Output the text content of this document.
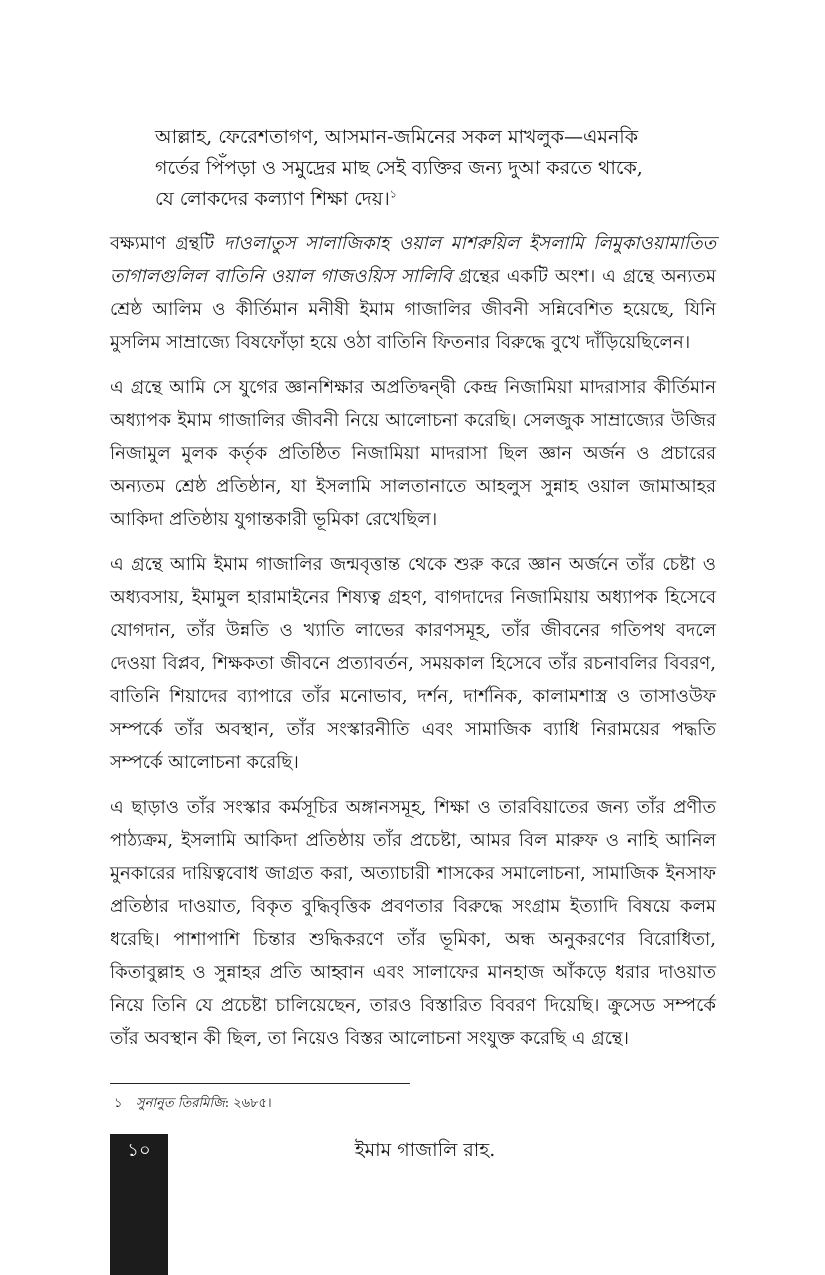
আল্লাহ, ফেরেশতাগণ, আসমান-জমিনের সকল মাখলুক—এমনকি
গর্তের পিঁপড়া ও সমুদ্রের মাছ সেই ব্যক্তির জন্য দুআ করতে থাকে,
যে লোকদের কল্যাণ শিক্ষা দেয়।$^১$

বক্ষ্যমাণ গ্রন্থটি দাওলাতুস সালাজিকাহ ওয়াল মাশরুয়িল ইসলামি লিমুকাওয়ামাতিত তাগালগুলিল বাতিনি ওয়াল গাজওয়িস সালিবি গ্রন্থের একটি অংশ। এ গ্রন্থে অন্যতম শ্রেষ্ঠ আলিম ও কীর্তিমান মনীষী ইমাম গাজালির জীবনী সন্নিবেশিত হয়েছে, যিনি মুসলিম সাম্রাজ্যে বিষফোঁড়া হয়ে ওঠা বাতিনি ফিতনার বিরুদ্ধে বুখে দাঁড়িয়েছিলেন।

এ গ্রন্থে আমি সে যুগের জ্ঞানশিক্ষার অপ্রতিদ্বন্দ্বী কেন্দ্র নিজামিয়া মাদরাসার কীর্তিমান অধ্যাপক ইমাম গাজালির জীবনী নিয়ে আলোচনা করেছি। সেলজুক সাম্রাজ্যের উজির নিজামুল মুলক কর্তৃক প্রতিষ্ঠিত নিজামিয়া মাদরাসা ছিল জ্ঞান অর্জন ও প্রচারের অন্যতম শ্রেষ্ঠ প্রতিষ্ঠান, যা ইসলামি সালতানাতে আহলুস সুন্নাহ ওয়াল জামাআহর আকিদা প্রতিষ্ঠায় যুগান্তকারী ভূমিকা রেখেছিল।

এ গ্রন্থে আমি ইমাম গাজালির জন্মবৃত্তান্ত থেকে শুরু করে জ্ঞান অর্জনে তাঁর চেষ্টা ও অধ্যবসায়, ইমামুল হারামাইনের শিষ্যত্ব গ্রহণ, বাগদাদের নিজামিয়ায় অধ্যাপক হিসেবে যোগদান, তাঁর উন্নতি ও খ্যাতি লাভের কারণসমূহ, তাঁর জীবনের গতিপথ বদলে দেওয়া বিপ্লব, শিক্ষকতা জীবনে প্রত্যাবর্তন, সময়কাল হিসেবে তাঁর রচনাবলির বিবরণ, বাতিনি শিয়াদের ব্যাপারে তাঁর মনোভাব, দর্শন, দার্শনিক, কালামশাস্ত্র ও তাসাওউফ সম্পর্কে তাঁর অবস্থান, তাঁর সংস্কারনীতি এবং সামাজিক ব্যাধি নিরাময়ের পদ্ধতি সম্পর্কে আলোচনা করেছি।

এ ছাড়াও তাঁর সংস্কার কর্মসূচির অঙ্গানসমূহ, শিক্ষা ও তারবিয়াতের জন্য তাঁর প্রণীত পাঠ্যক্রম, ইসলামি আকিদা প্রতিষ্ঠায় তাঁর প্রচেষ্টা, আমর বিল মারুফ ও নাহি আনিল মুনকারের দায়িত্ববোধ জাগ্রত করা, অত্যাচারী শাসকের সমালোচনা, সামাজিক ইনসাফ প্রতিষ্ঠার দাওয়াত, বিকৃত বুদ্ধিবৃত্তিক প্রবণতার বিরুদ্ধে সংগ্রাম ইত্যাদি বিষয়ে কলম ধরেছি। পাশাপাশি চিন্তার শুদ্ধিকরণে তাঁর ভূমিকা, অন্ধ অনুকরণের বিরোধিতা, কিতাবুল্লাহ ও সুন্নাহর প্রতি আহ্বান এবং সালাফের মানহাজ আঁকড়ে ধরার দাওয়াত নিয়ে তিনি যে প্রচেষ্টা চালিয়েছেন, তারও বিস্তারিত বিবরণ দিয়েছি। ক্রুসেড সম্পর্কে তাঁর অবস্থান কী ছিল, তা নিয়েও বিস্তর আলোচনা সংযুক্ত করেছি এ গ্রন্থে।

১ সুনানুত তিরমিজি: ২৬৮৫।
১০	ইমাম গাজালি রাহ.
